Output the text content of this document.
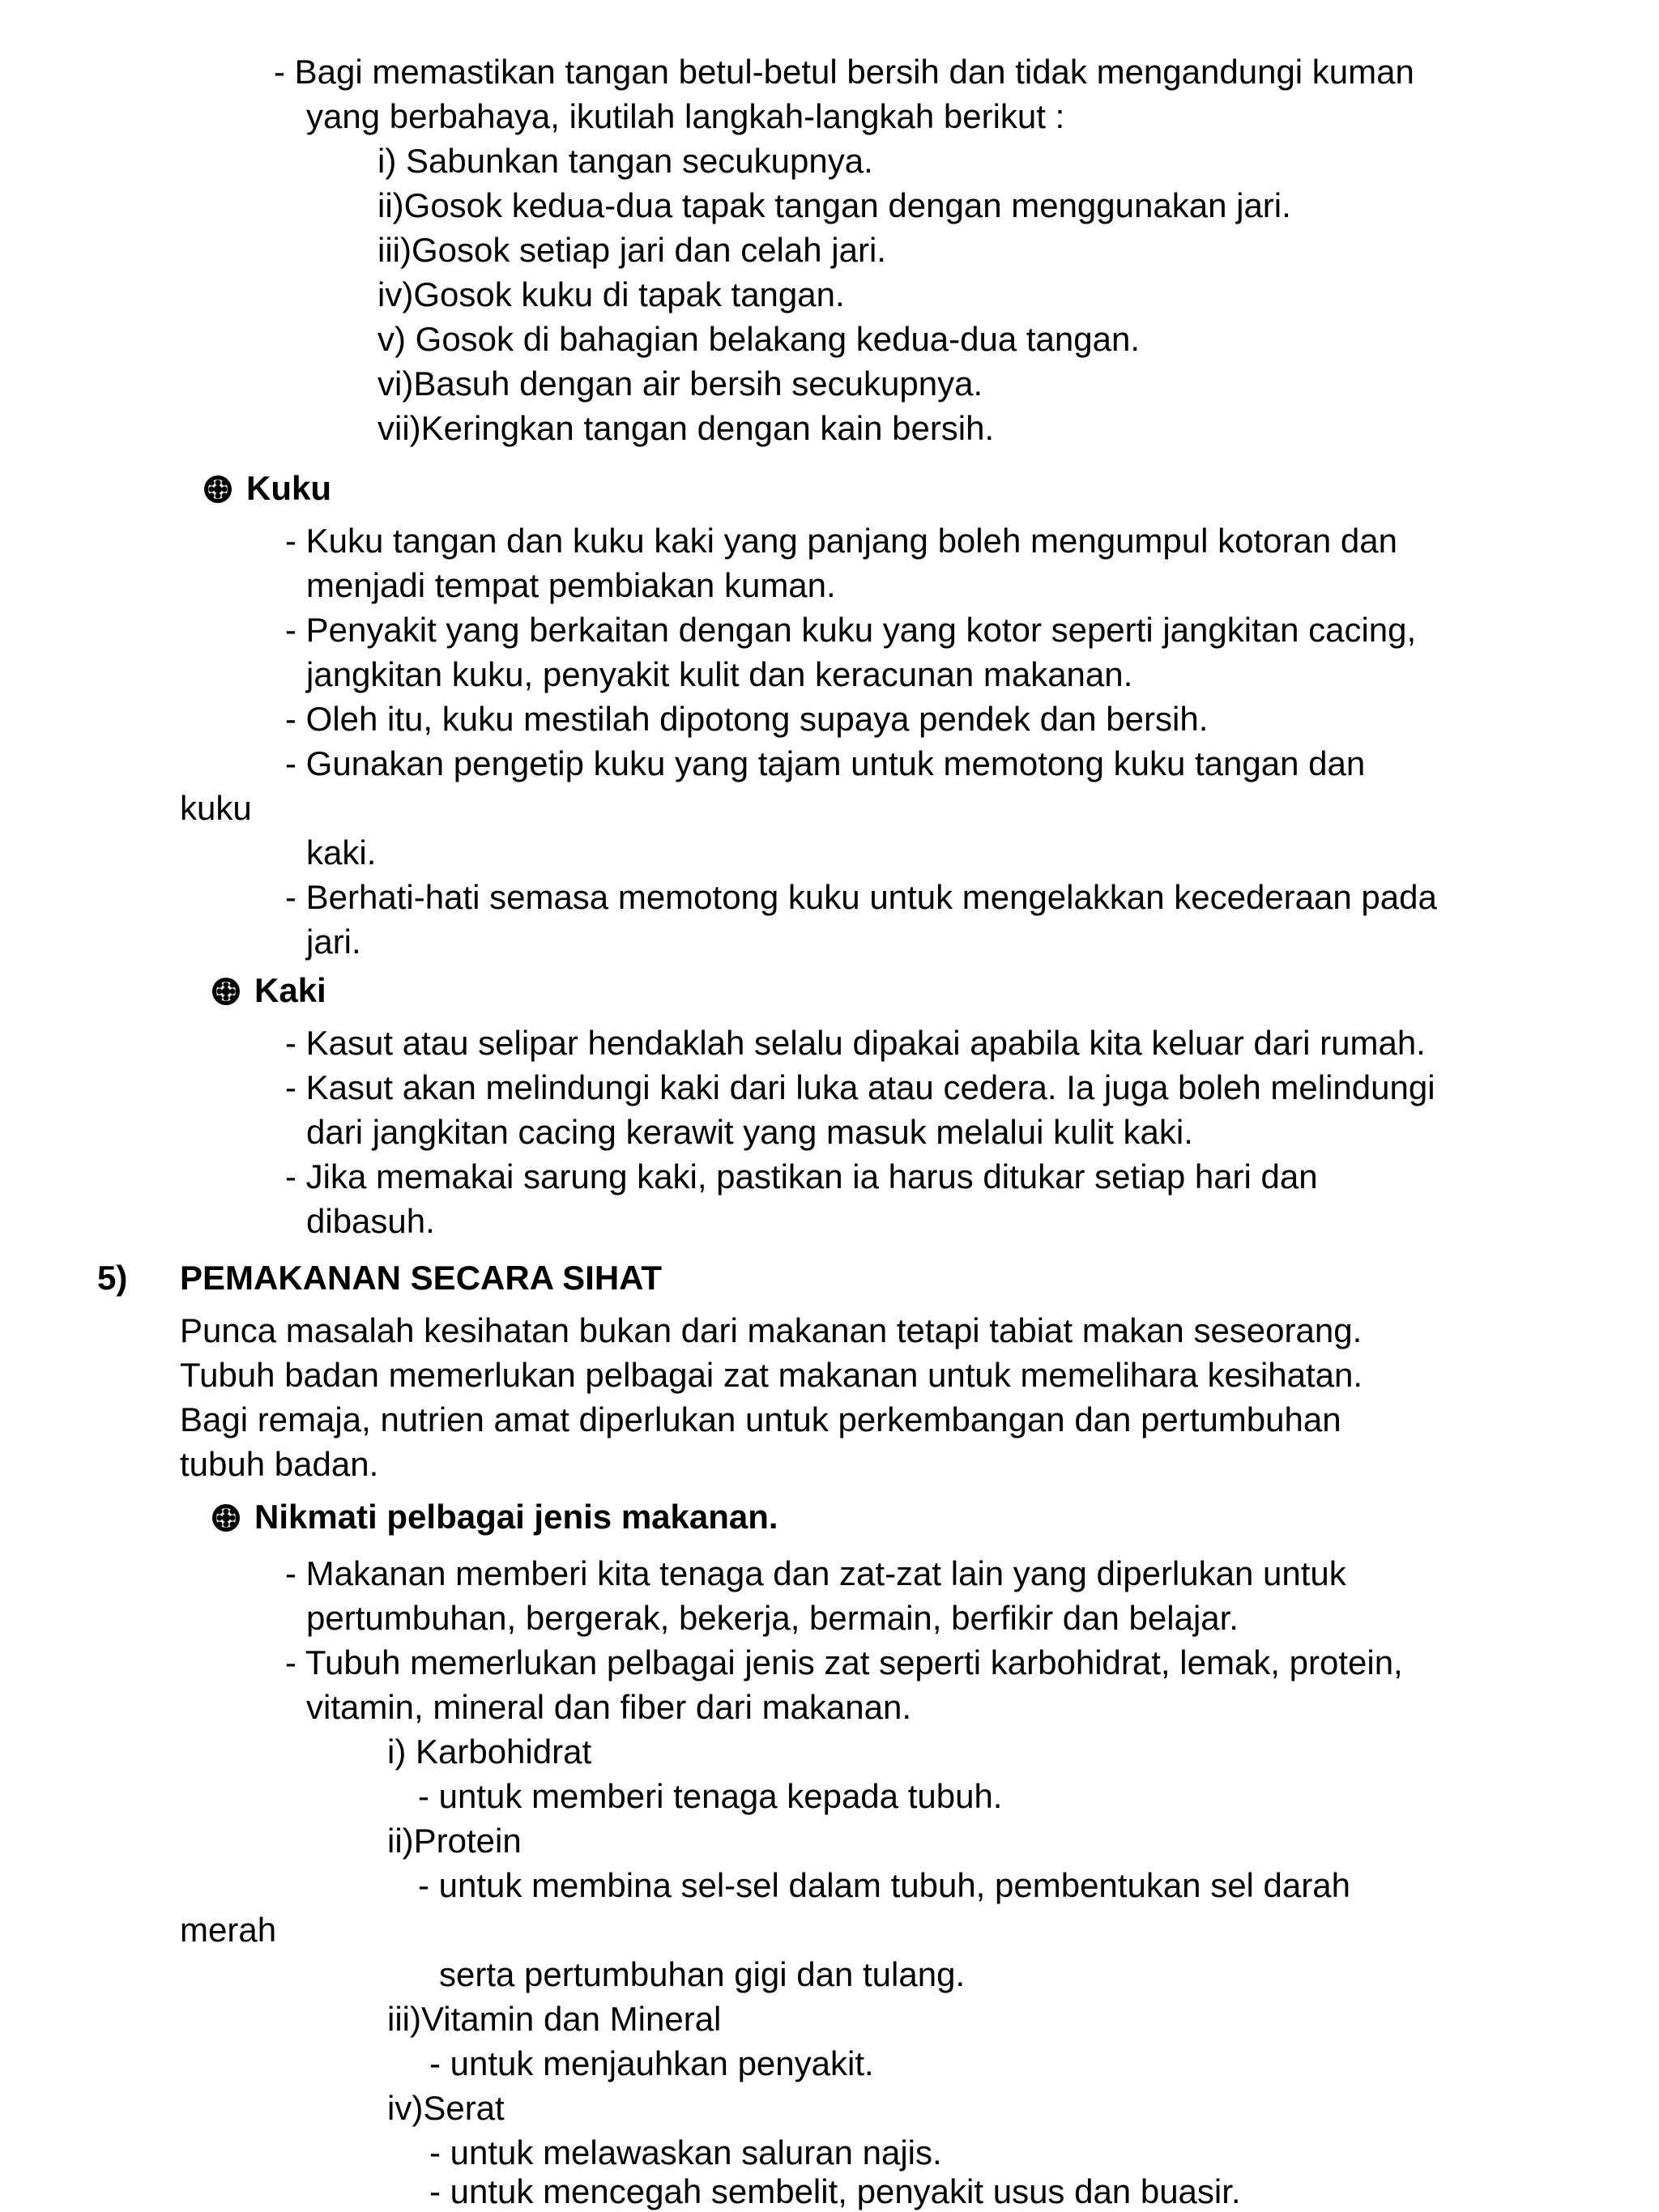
- Bagi memastikan tangan betul-betul bersih dan tidak mengandungi kuman
yang berbahaya, ikutilah langkah-langkah berikut :
i) Sabunkan tangan secukupnya.
ii)Gosok kedua-dua tapak tangan dengan menggunakan jari.
iii)Gosok setiap jari dan celah jari.
iv)Gosok kuku di tapak tangan.
v) Gosok di bahagian belakang kedua-dua tangan.
vi)Basuh dengan air bersih secukupnya.
vii)Keringkan tangan dengan kain bersih.
Kuku
- Kuku tangan dan kuku kaki yang panjang boleh mengumpul kotoran dan
menjadi tempat pembiakan kuman.
- Penyakit yang berkaitan dengan kuku yang kotor seperti jangkitan cacing,
jangkitan kuku, penyakit kulit dan keracunan makanan.
- Oleh itu, kuku mestilah dipotong supaya pendek dan bersih.
- Gunakan pengetip kuku yang tajam untuk memotong kuku tangan dan
kuku
kaki.
- Berhati-hati semasa memotong kuku untuk mengelakkan kecederaan pada
jari.
Kaki
- Kasut atau selipar hendaklah selalu dipakai apabila kita keluar dari rumah.
- Kasut akan melindungi kaki dari luka atau cedera. Ia juga boleh melindungi
dari jangkitan cacing kerawit yang masuk melalui kulit kaki.
- Jika memakai sarung kaki, pastikan ia harus ditukar setiap hari dan
dibasuh.
5) PEMAKANAN SECARA SIHAT
Punca masalah kesihatan bukan dari makanan tetapi tabiat makan seseorang.
Tubuh badan memerlukan pelbagai zat makanan untuk memelihara kesihatan.
Bagi remaja, nutrien amat diperlukan untuk perkembangan dan pertumbuhan
tubuh badan.
Nikmati pelbagai jenis makanan.
- Makanan memberi kita tenaga dan zat-zat lain yang diperlukan untuk
pertumbuhan, bergerak, bekerja, bermain, berfikir dan belajar.
- Tubuh memerlukan pelbagai jenis zat seperti karbohidrat, lemak, protein,
vitamin, mineral dan fiber dari makanan.
i) Karbohidrat
- untuk memberi tenaga kepada tubuh.
ii)Protein
- untuk membina sel-sel dalam tubuh, pembentukan sel darah
merah
serta pertumbuhan gigi dan tulang.
iii)Vitamin dan Mineral
- untuk menjauhkan penyakit.
iv)Serat
- untuk melawaskan saluran najis.
- untuk mencegah sembelit, penyakit usus dan buasir.
